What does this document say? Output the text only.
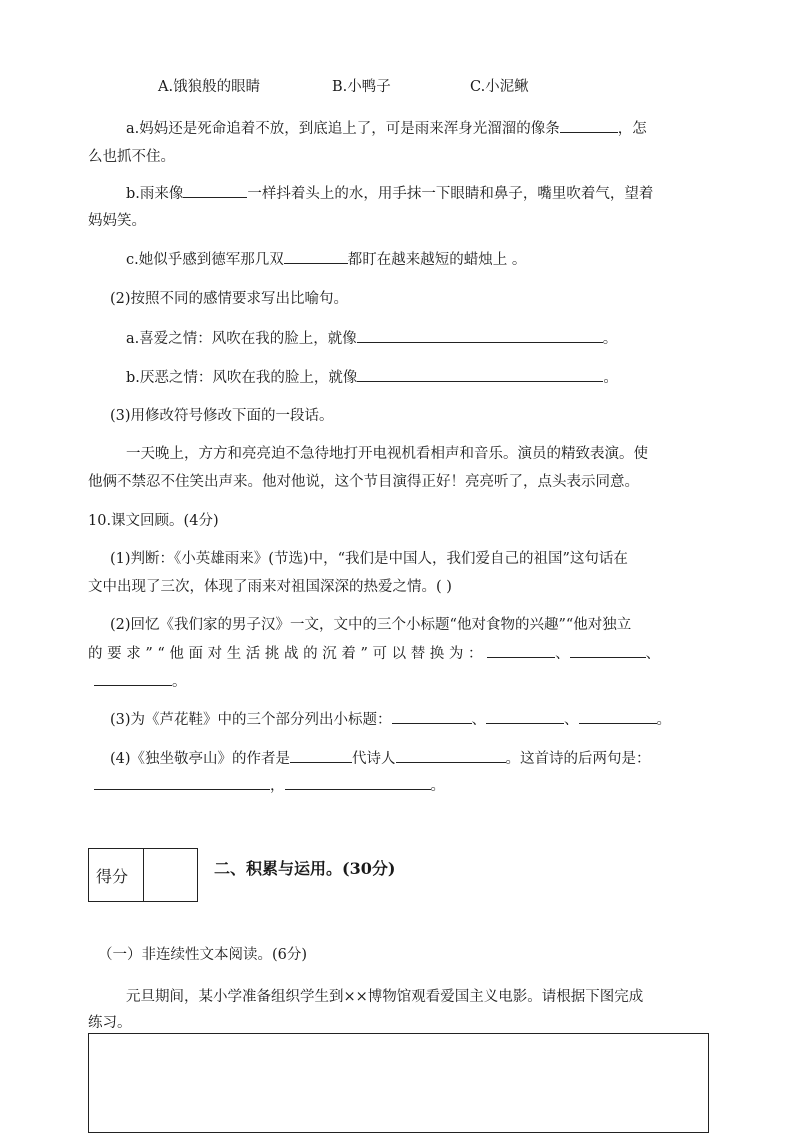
A.饿狼般的眼睛	B.小鸭子	C.小泥鳅
a.妈妈还是死命追着不放，到底追上了，可是雨来浑身光溜溜的像条	，怎
么也抓不住。
b.雨来像	一样抖着头上的水，用手抹一下眼睛和鼻子，嘴里吹着气，望着
妈妈笑。
c.她似乎感到德军那几双	都盯在越来越短的蜡烛上 。
(2)按照不同的感情要求写出比喻句。
a.喜爱之情：风吹在我的脸上，就像	。
b.厌恶之情：风吹在我的脸上，就像	。
(3)用修改符号修改下面的一段话。
一天晚上，方方和亮亮迫不急待地打开电视机看相声和音乐。演员的精致表演。使
他俩不禁忍不住笑出声来。他对他说，这个节目演得正好！亮亮听了，点头表示同意。
10.课文回顾。(4分)
(1)判断：《小英雄雨来》(节选)中，“我们是中国人，我们爱自己的祖国”这句话在
文中出现了三次，体现了雨来对祖国深深的热爱之情。( )
(2)回忆《我们家的男子汉》一文，文中的三个小标题“他对食物的兴趣”“他对独立
的 要 求 ” “ 他 面 对 生 活 挑 战 的 沉 着 ” 可 以 替 换 为 ：	、	、
。
(3)为《芦花鞋》中的三个部分列出小标题：	、	、	。
(4)《独坐敬亭山》的作者是	代诗人	。这首诗的后两句是：
，	。
得分	二、积累与运用。(30分)
（一）非连续性文本阅读。(6分)
元旦期间，某小学准备组织学生到××博物馆观看爱国主义电影。请根据下图完成
练习。
